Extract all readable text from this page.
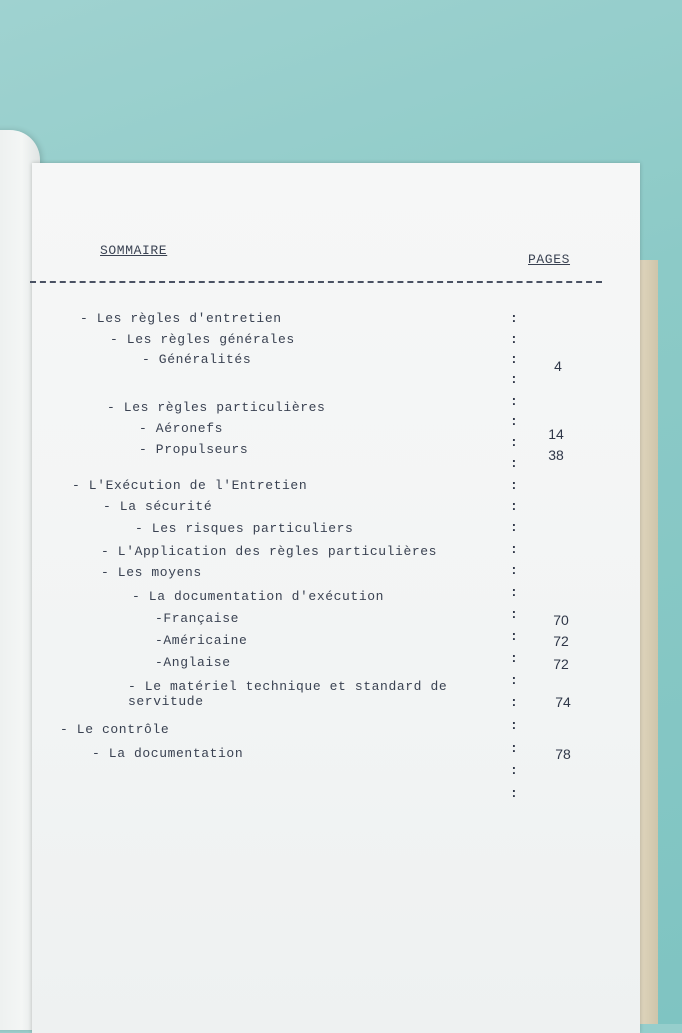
SOMMAIRE
PAGES
- Les règles d'entretien
- Les règles générales
- Généralités
- Les règles particulières
- Aéronefs
- Propulseurs
- L'Exécution de l'Entretien
- La sécurité
- Les risques particuliers
- L'Application des règles particulières
- Les moyens
- La documentation d'exécution
-Française
-Américaine
-Anglaise
- Le matériel technique et standard de
servitude
- Le contrôle
- La documentation
:
:
:
:
:
:
:
:
:
:
:
:
:
:
:
:
:
:
:
:
:
:
:
4
14
38
70
72
72
74
78
